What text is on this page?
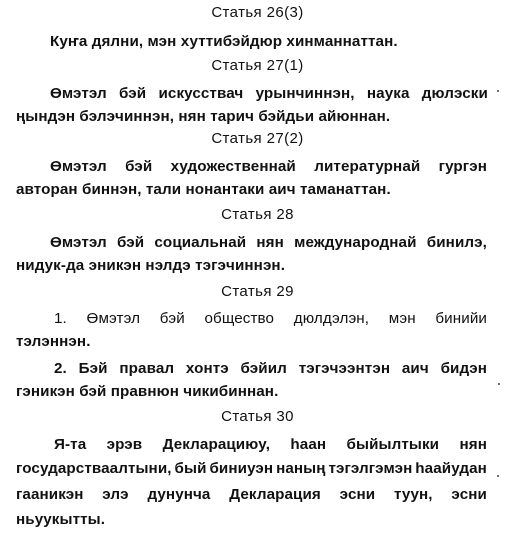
Статья 26(3)
Куҥа дялни, мэн хуттибэйдюр хинманнаттан.
Статья 27(1)
Өмэтэл бэй искусствач урынчиннэн, наука дюлэски
ңындэн бэлэчиннэн, нян тарич бэйдьи айюннан.
Статья 27(2)
Өмэтэл бэй художественнай литературнай гургэн
авторан биннэн, тали нонантаки аич таманаттан.
Статья 28
Өмэтэл бэй социальнай нян международнай бинилэ,
нидук-да эникэн нэлдэ тэгэчиннэн.
Статья 29
1. Өмэтэл бэй общество дюлдэлэн, мэн бинийи
тэлэннэн.
2. Бэй правал хонтэ бэйил тэгэчээнтэн аич бидэн
гэникэн бэй правнюн чикибиннан.
Статья 30
Я-та эрэв Декларациюу, һаан быйылтыки нян
государстваалтыни, бый биниуэн наның тэгэлгэмэн һаайудан
гааникэн элэ дунунча Декларация эсни туун, эсни
ньуукытты.
